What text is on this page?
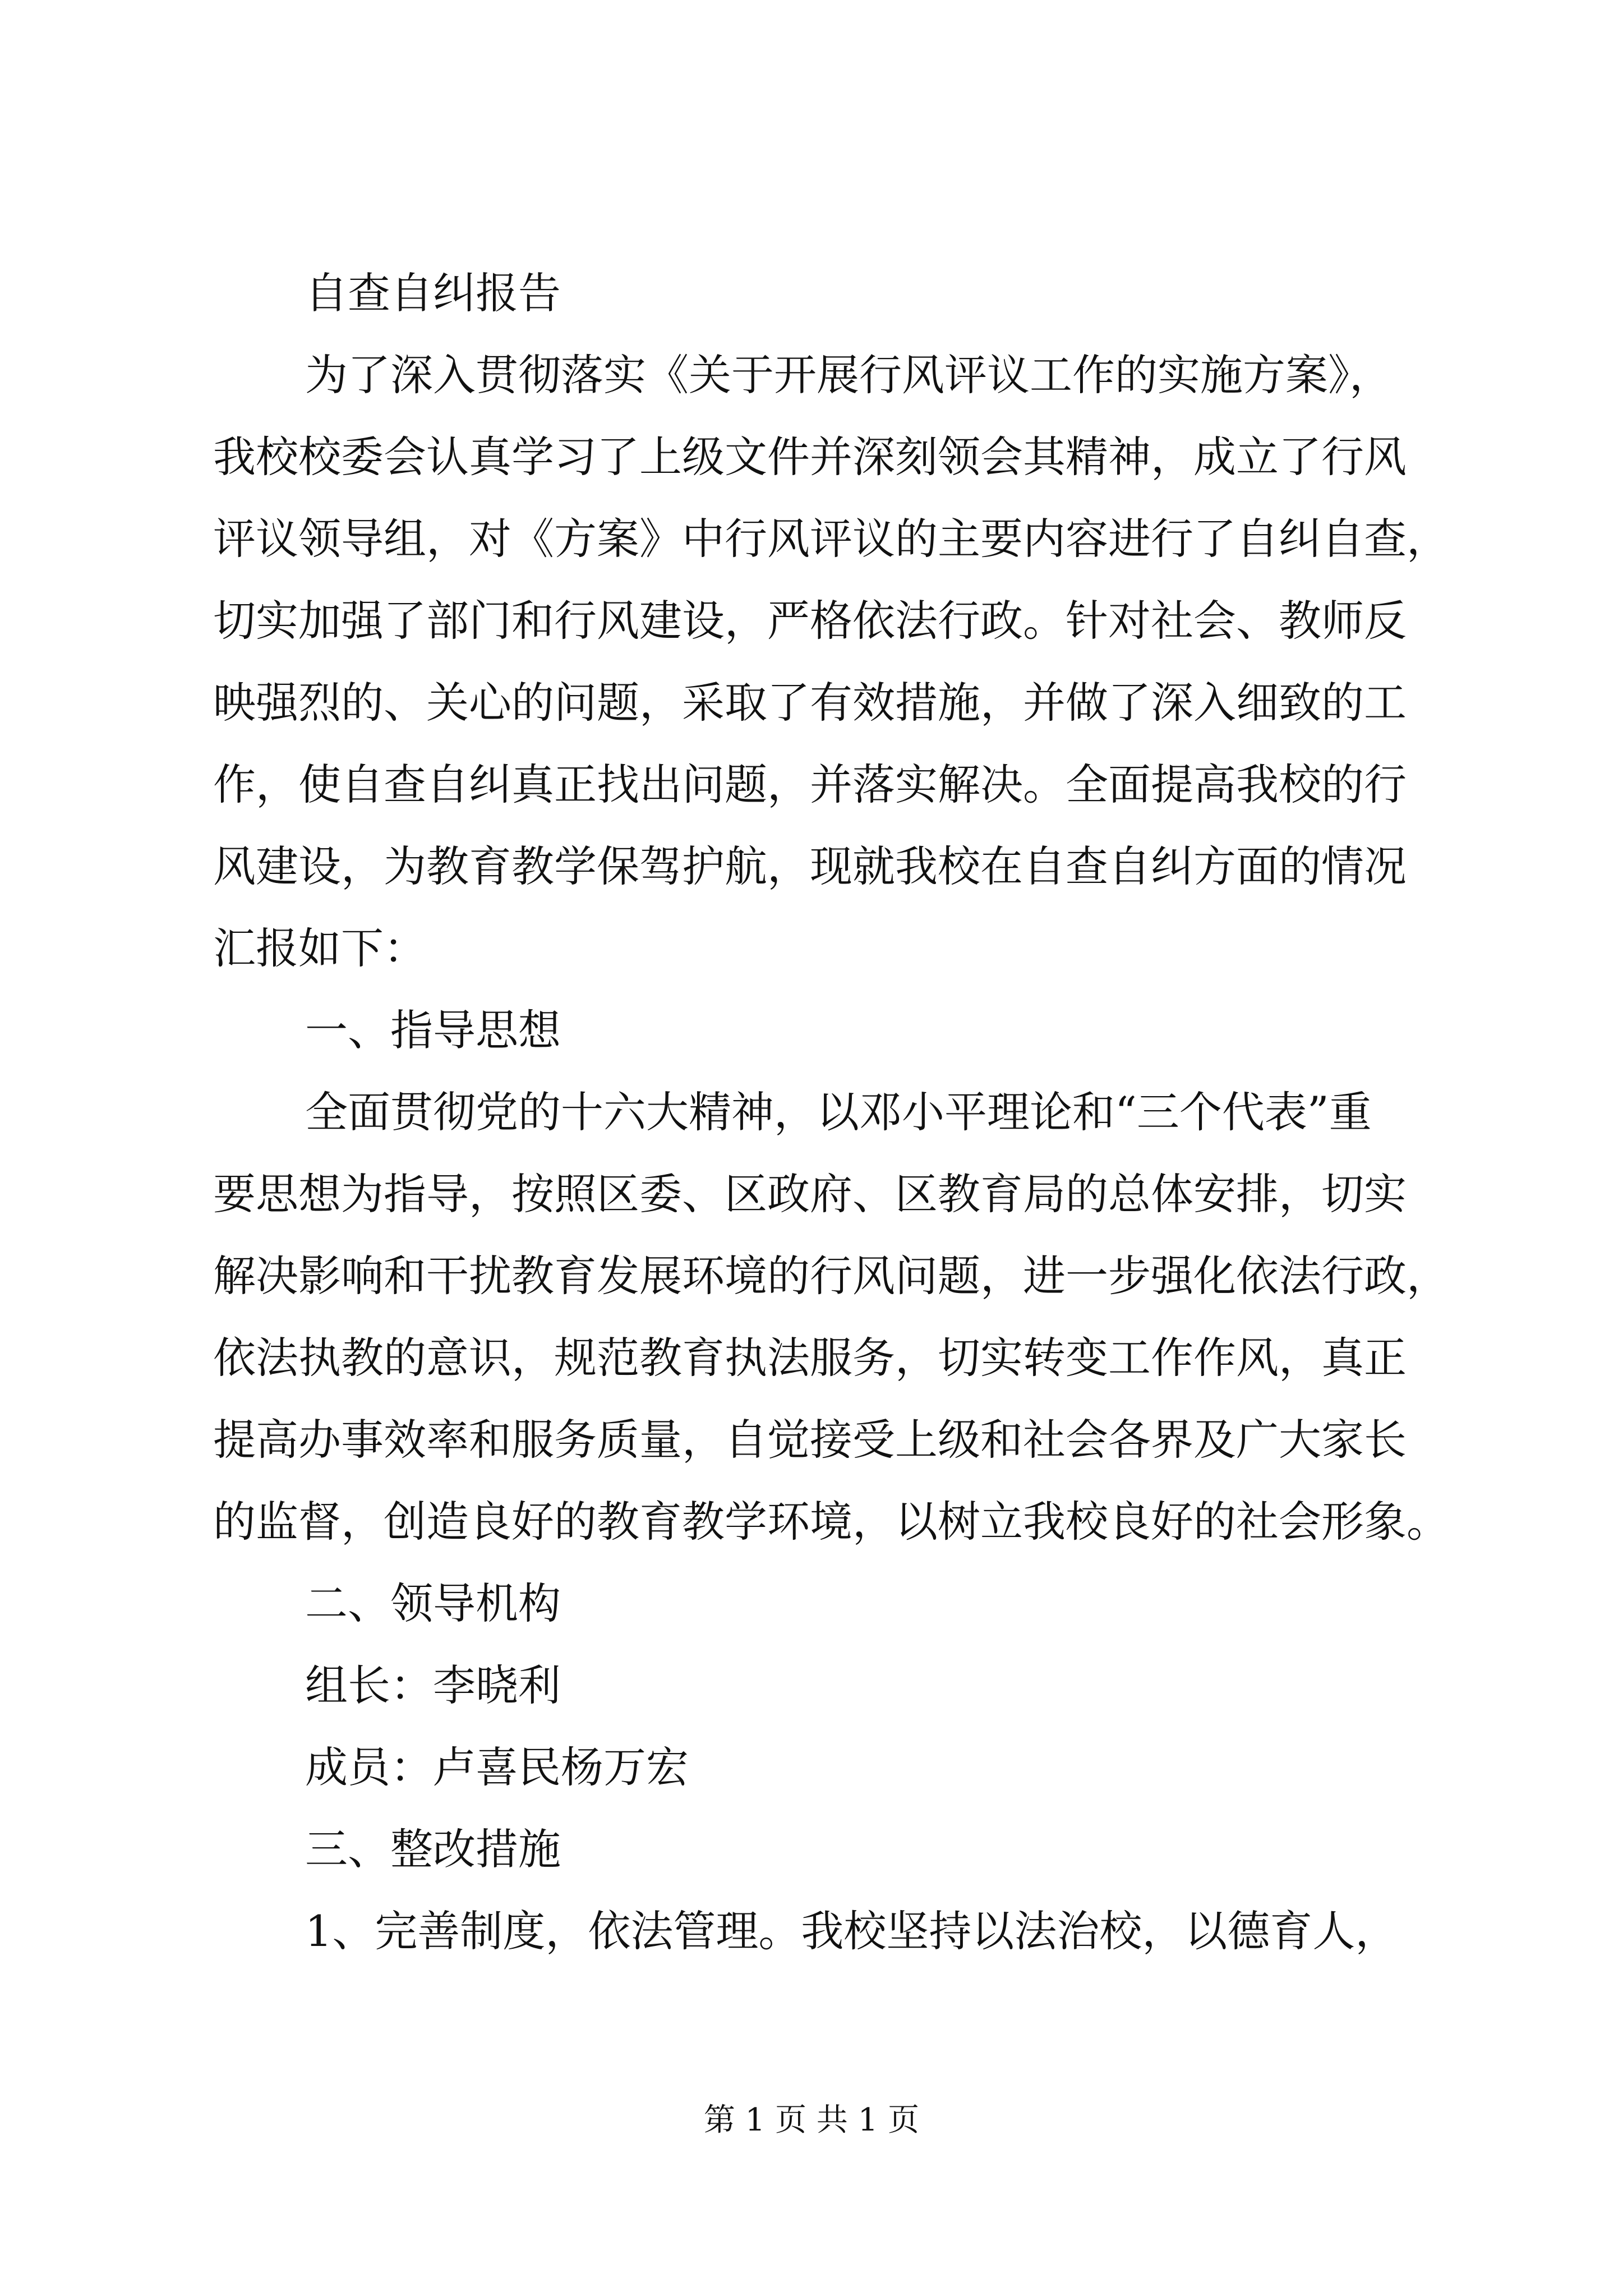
自查自纠报告

为了深入贯彻落实《关于开展行风评议工作的实施方案》，

我校校委会认真学习了上级文件并深刻领会其精神，成立了行风

评议领导组，对《方案》中行风评议的主要内容进行了自纠自查，

切实加强了部门和行风建设，严格依法行政。针对社会、教师反

映强烈的、关心的问题，采取了有效措施，并做了深入细致的工

作，使自查自纠真正找出问题，并落实解决。全面提高我校的行

风建设，为教育教学保驾护航，现就我校在自查自纠方面的情况

汇报如下：

一、指导思想

全面贯彻党的十六大精神，以邓小平理论和“三个代表”重

要思想为指导，按照区委、区政府、区教育局的总体安排，切实

解决影响和干扰教育发展环境的行风问题，进一步强化依法行政，

依法执教的意识，规范教育执法服务，切实转变工作作风，真正

提高办事效率和服务质量，自觉接受上级和社会各界及广大家长

的监督，创造良好的教育教学环境，以树立我校良好的社会形象。

二、领导机构

组长：李晓利

成员：卢喜民杨万宏

三、整改措施

1、完善制度，依法管理。我校坚持以法治校，以德育人，

第 1 页 共 1 页
